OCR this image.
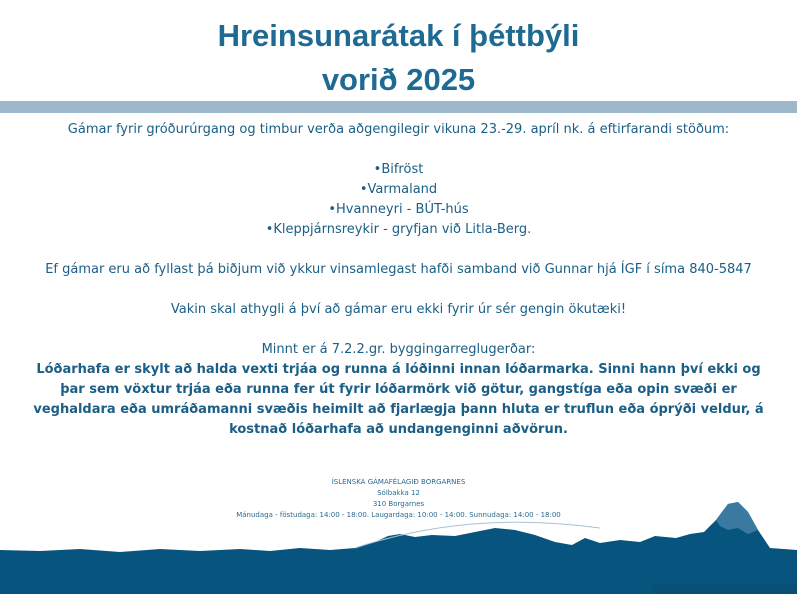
Hreinsunarátak í þéttbýli
vorið 2025

Gámar fyrir gróðurúrgang og timbur verða aðgengilegir vikuna 23.-29. apríl nk. á eftirfarandi stöðum:

•Bifröst

•Varmaland

•Hvanneyri - BÚT-hús

•Kleppjárnsreykir - gryfjan við Litla-Berg.

Ef gámar eru að fyllast þá biðjum við ykkur vinsamlegast hafði samband við Gunnar hjá ÍGF í síma 840-5847

Vakin skal athygli á því að gámar eru ekki fyrir úr sér gengin ökutæki!

Minnt er á 7.2.2.gr. byggingarreglugerðar:

Lóðarhafa er skylt að halda vexti trjáa og runna á lóðinni innan lóðarmarka. Sinni hann því ekki og þar sem vöxtur trjáa eða runna fer út fyrir lóðarmörk við götur, gangstíga eða opin svæði er veghaldara eða umráðamanni svæðis heimilt að fjarlægja þann hluta er truflun eða óprýði veldur, á kostnað lóðarhafa að undangenginni aðvörun.

ÍSLENSKA GÁMAFÉLAGIÐ BORGARNES

Sólbakka 12

310 Borgarnes

Mánudaga - föstudaga: 14:00 - 18:00. Laugardaga: 10:00 - 14:00. Sunnudaga: 14:00 - 18:00
